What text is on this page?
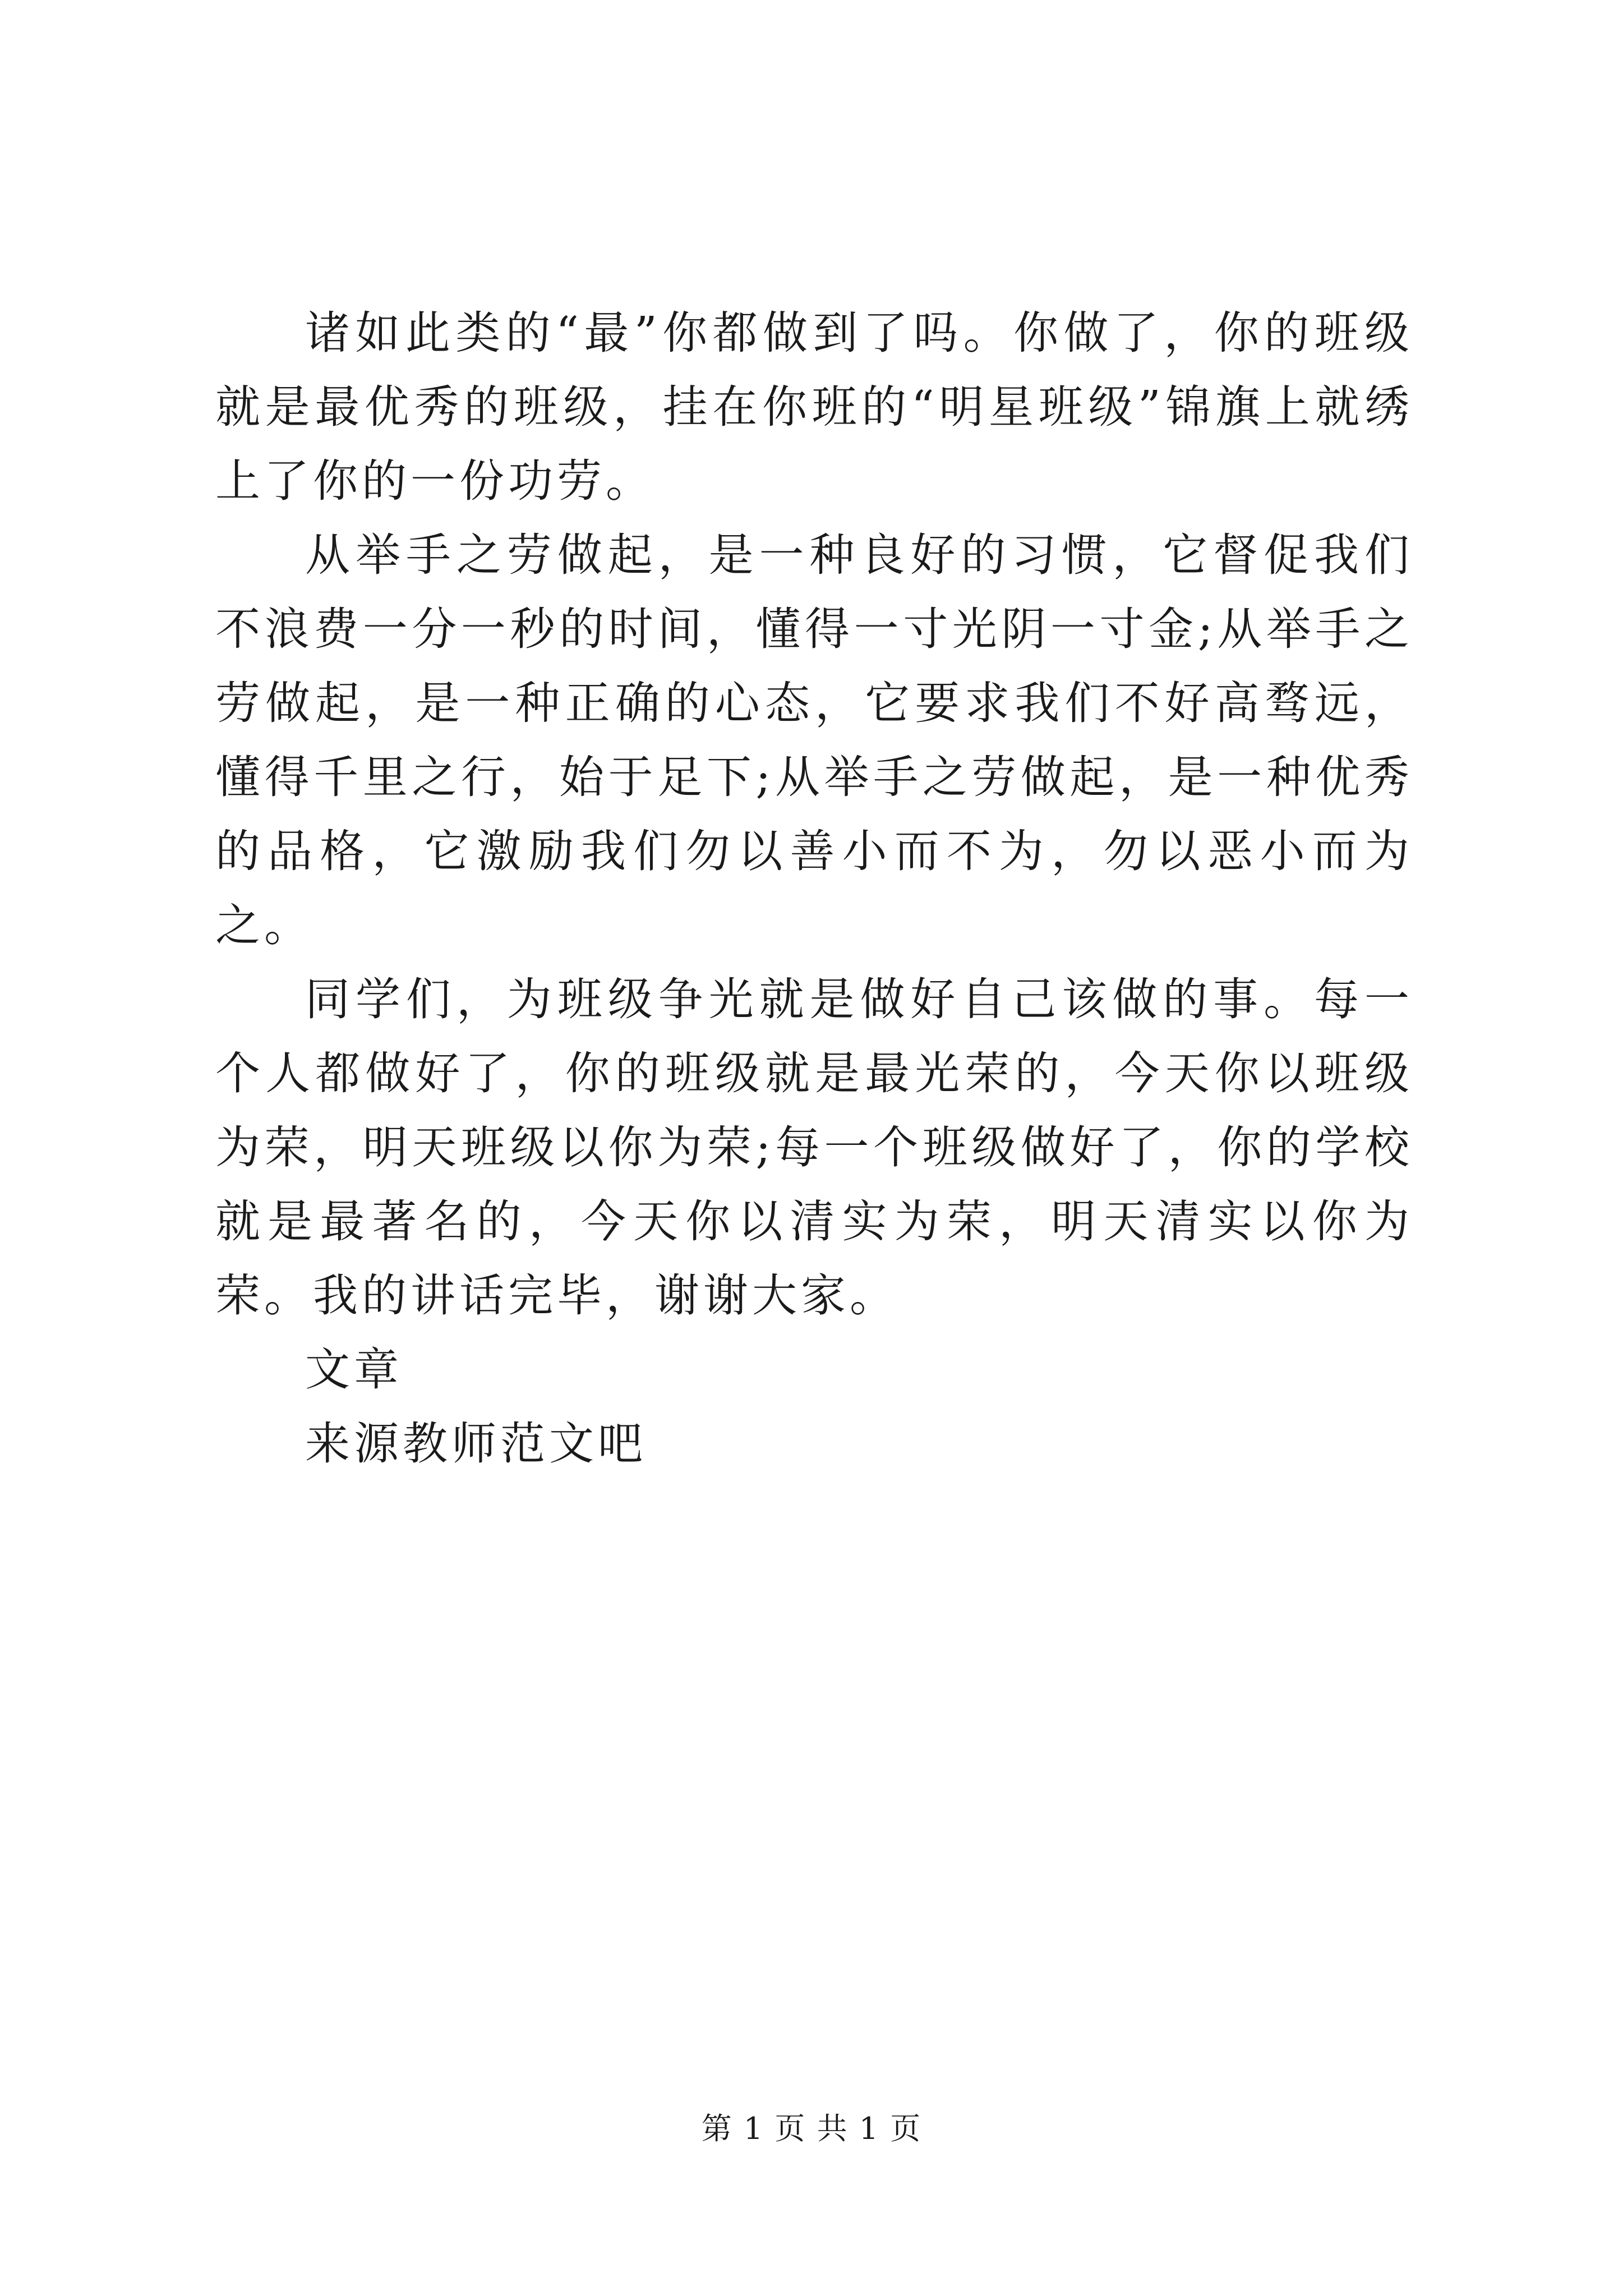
诸如此类的“最”你都做到了吗。你做了，你的班级就是最优秀的班级，挂在你班的“明星班级”锦旗上就绣上了你的一份功劳。

从举手之劳做起，是一种良好的习惯，它督促我们不浪费一分一秒的时间，懂得一寸光阴一寸金;从举手之劳做起，是一种正确的心态，它要求我们不好高骛远，懂得千里之行，始于足下;从举手之劳做起，是一种优秀的品格，它激励我们勿以善小而不为，勿以恶小而为之。

同学们，为班级争光就是做好自己该做的事。每一个人都做好了，你的班级就是最光荣的，今天你以班级为荣，明天班级以你为荣;每一个班级做好了，你的学校就是最著名的，今天你以清实为荣，明天清实以你为荣。我的讲话完毕，谢谢大家。

文章

来源教师范文吧

第 1 页 共 1 页
